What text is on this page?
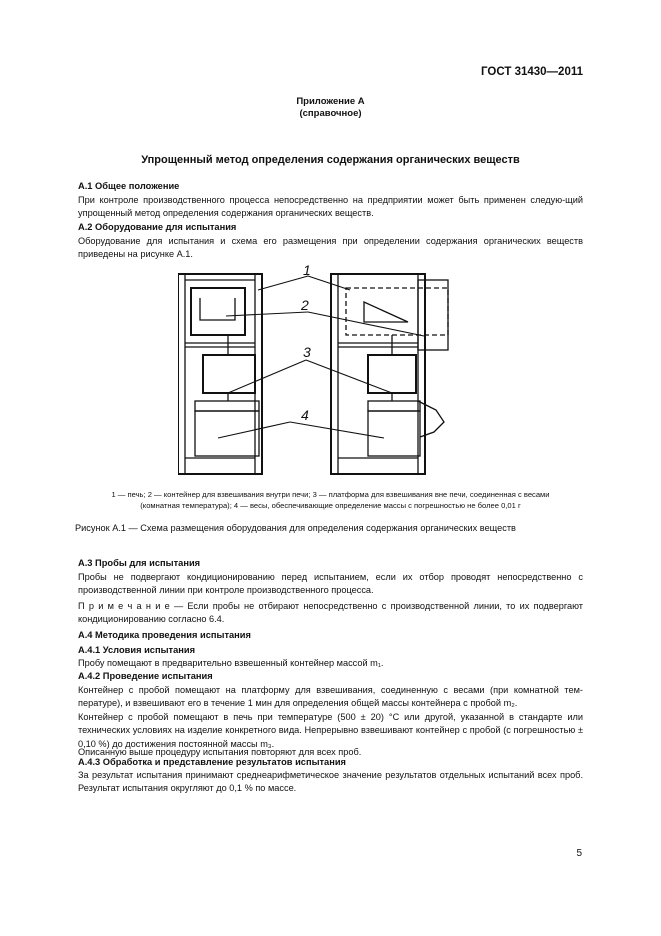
ГОСТ 31430—2011
Приложение А
(справочное)
Упрощенный метод определения содержания органических веществ
А.1 Общее положение
При контроле производственного процесса непосредственно на предприятии может быть применен следую-щий упрощенный метод определения содержания органических веществ.
А.2 Оборудование для испытания
Оборудование для испытания и схема его размещения при определении содержания органических веществ приведены на рисунке А.1.
1
2
3
4
1 — печь; 2 — контейнер для взвешивания внутри печи; 3 — платформа для взвешивания вне печи, соединенная с весами
(комнатная температура); 4 — весы, обеспечивающие определение массы с погрешностью не более 0,01 г
Рисунок А.1 — Схема размещения оборудования для определения содержания органических веществ
А.3 Пробы для испытания
Пробы не подвергают кондиционированию перед испытанием, если их отбор проводят непосредственно с производственной линии при контроле производственного процесса.
П р и м е ч а н и е — Если пробы не отбирают непосредственно с производственной линии, то их подвергают кондиционированию согласно 6.4.
А.4 Методика проведения испытания
А.4.1 Условия испытания
Пробу помещают в предварительно взвешенный контейнер массой m₁.
А.4.2 Проведение испытания
Контейнер с пробой помещают на платформу для взвешивания, соединенную с весами (при комнатной тем-пературе), и взвешивают его в течение 1 мин для определения общей массы контейнера с пробой m₂.
Контейнер с пробой помещают в печь при температуре (500 ± 20) °С или другой, указанной в стандарте или технических условиях на изделие конкретного вида. Непрерывно взвешивают контейнер с пробой (с погрешностью ± 0,10 %) до достижения постоянной массы m₃.
Описанную выше процедуру испытания повторяют для всех проб.
А.4.3 Обработка и представление результатов испытания
За результат испытания принимают среднеарифметическое значение результатов отдельных испытаний всех проб. Результат испытания округляют до 0,1 % по массе.
5
